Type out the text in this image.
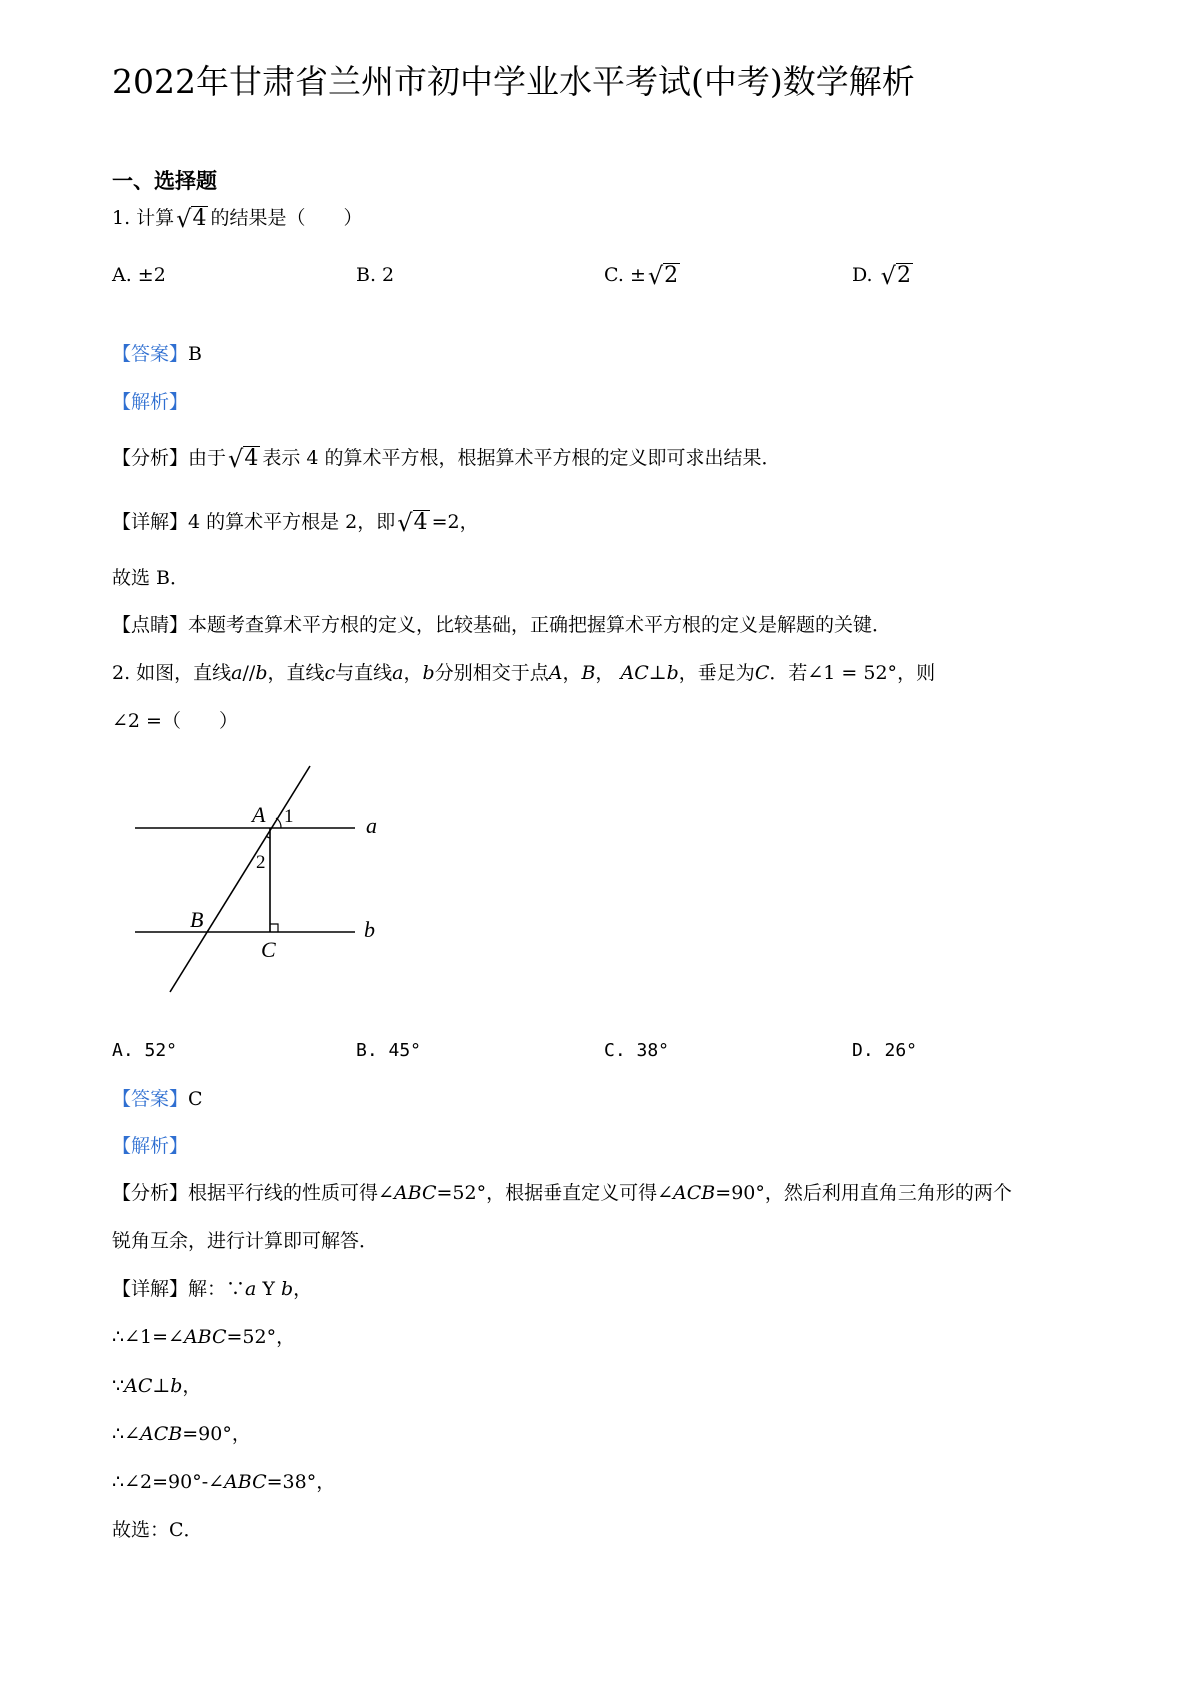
2022年甘肃省兰州市初中学业水平考试(中考)数学解析
一、选择题
1. 计算 √ 4 的结果是（　　）
A. ±2	B. 2	C. ± √ 2	D. √ 2
【答案】B
【解析】
【分析】由于 √ 4 表示 4 的算术平方根，根据算术平方根的定义即可求出结果．
【详解】4 的算术平方根是 2，即 √ 4 =2，
故选 B．
【点睛】本题考查算术平方根的定义，比较基础，正确把握算术平方根的定义是解题的关键．
2. 如图，直线a//b，直线c与直线a，b分别相交于点A，B， AC⊥b，垂足为C．若∠1 = 52°，则
∠2 =（　　）
A 1	a
2
B	b
C
A. 52°	B. 45°	C. 38°	D. 26°
【答案】C
【解析】
【分析】根据平行线的性质可得∠ABC=52°，根据垂直定义可得∠ACB=90°，然后利用直角三角形的两个
锐角互余，进行计算即可解答．
【详解】解：∵a Y b，
∴∠1=∠ABC=52°，
∵AC⊥b，
∴∠ACB=90°，
∴∠2=90°-∠ABC=38°，
故选：C．
